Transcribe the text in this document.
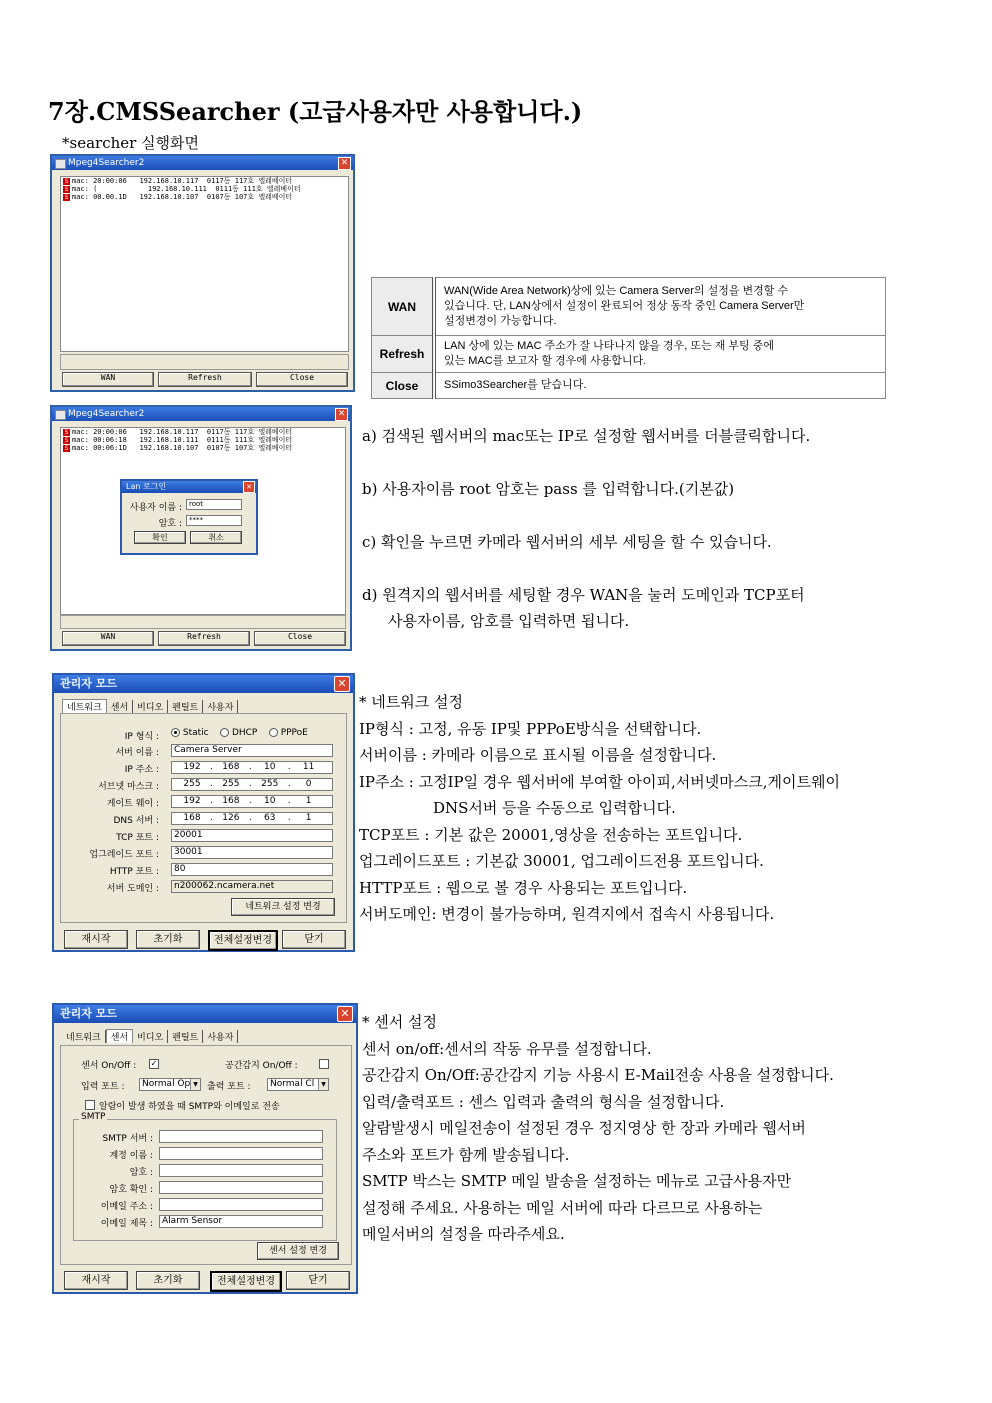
7장.CMSSearcher (고급사용자만 사용합니다.)
*searcher 실행화면
Mpeg4Searcher2	✕
S mac: 20:00:06 192.168.10.117 0117동 117호 엘레베이터
S mac: (	192.168.10.111 0111동 111호 엘레베이터
S mac: 00.00.1D 192.168.10.107 0107동 107호 엘레베이터
WAN	Refresh	Close
WAN	WAN(Wide Area Network)상에 있는 Camera Server의 설정을 변경할 수
있습니다. 단, LAN상에서 설정이 완료되어 정상 동작 중인 Camera Server만
설정변경이 가능합니다.

Refresh	LAN 상에 있는 MAC 주소가 잘 나타나지 않을 경우, 또는 재 부팅 중에
있는 MAC를 보고자 할 경우에 사용합니다.

Close	SSimo3Searcher를 닫습니다.
Mpeg4Searcher2	✕
S mac: 20:00:06 192.168.10.117 0117동 117호 엘레베이터
S mac: 00:06:18 192.168.10.111 0111동 111호 엘레베이터
S mac: 00:06:1D 192.168.10.107 0107동 107호 엘레베이터
WAN	Refresh	Close
Lan 로그인	✕
사용자 이름 :	root
암호 :	****
확인	취소
a) 검색된 웹서버의 mac또는 IP로 설정할 웹서버를 더블클릭합니다.
b) 사용자이름 root 암호는 pass 를 입력합니다.(기본값)
c) 확인을 누르면 카메라 웹서버의 세부 세팅을 할 수 있습니다.
d) 원격지의 웹서버를 세팅할 경우 WAN을 눌러 도메인과 TCP포터
사용자이름, 암호를 입력하면 됩니다.
관리자 모드	✕
네트워크 센서 비디오 펜틸트 사용자
IP 형식 :	Static	DHCP	PPPoE
서버 이름 :	Camera Server
IP 주소 :	192 . 168 . 10 . 11
서브넷 마스크 :	255 . 255 . 255 . 0
게이트 웨이 :	192 . 168 . 10 . 1
DNS 서버 :	168 . 126 . 63 . 1
TCP 포트 :	20001
업그레이드 포트 :	30001
HTTP 포트 :	80
서버 도메인 :	n200062.ncamera.net
네트워크 설정 변경
재시작	초기화	전체설정변경	닫기
* 네트워크 설정
IP형식 : 고정, 유동 IP및 PPPoE방식을 선택합니다.
서버이름 : 카메라 이름으로 표시될 이름을 설정합니다.
IP주소 : 고정IP일 경우 웹서버에 부여할 아이피,서버넷마스크,게이트웨이
DNS서버 등을 수동으로 입력합니다.
TCP포트 : 기본 값은 20001,영상을 전송하는 포트입니다.
업그레이드포트 : 기본값 30001, 업그레이드전용 포트입니다.
HTTP포트 : 웹으로 볼 경우 사용되는 포트입니다.
서버도메인: 변경이 불가능하며, 원격지에서 접속시 사용됩니다.
관리자 모드	✕
네트워크 센서 비디오 펜틸트 사용자
센서 On/Off : ✓	공간감지 On/Off :
입력 포트 :	Normal Op ▼ 출력 포트 :	Normal Cl	▼
알람이 발생 하였을 때 SMTP와 이메일로 전송
SMTP
SMTP 서버 :
계정 이름 :
암호 :
암호 확인 :
이메일 주소 :
이메일 제목 :	Alarm Sensor
센서 설정 변경
재시작	초기화	전체설정변경	닫기
* 센서 설정
센서 on/off:센서의 작동 유무를 설정합니다.
공간감지 On/Off:공간감지 기능 사용시 E-Mail전송 사용을 설정합니다.
입력/출력포트 : 센스 입력과 출력의 형식을 설정합니다.
알람발생시 메일전송이 설정된 경우 정지영상 한 장과 카메라 웹서버
주소와 포트가 함께 발송됩니다.
SMTP 박스는 SMTP 메일 발송을 설정하는 메뉴로 고급사용자만
설정해 주세요. 사용하는 메일 서버에 따라 다르므로 사용하는
메일서버의 설정을 따라주세요.
